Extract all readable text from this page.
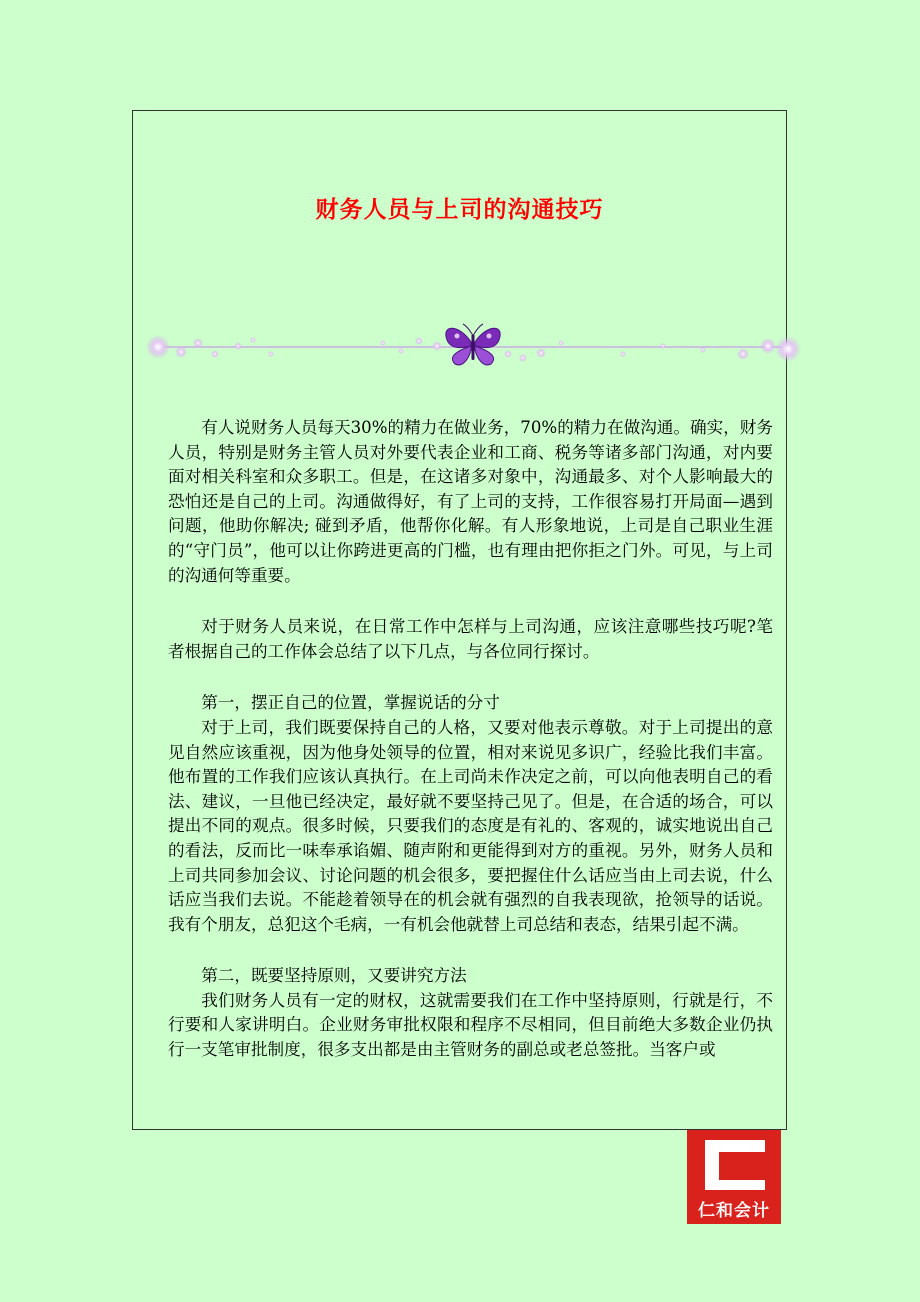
财务人员与上司的沟通技巧

有人说财务人员每天30%的精力在做业务，70%的精力在做沟通。确实，财务人员，特别是财务主管人员对外要代表企业和工商、税务等诸多部门沟通，对内要面对相关科室和众多职工。但是，在这诸多对象中，沟通最多、对个人影响最大的恐怕还是自己的上司。沟通做得好，有了上司的支持，工作很容易打开局面—遇到问题，他助你解决; 碰到矛盾，他帮你化解。有人形象地说，上司是自己职业生涯的“守门员”，他可以让你跨进更高的门槛，也有理由把你拒之门外。可见，与上司的沟通何等重要。

对于财务人员来说，在日常工作中怎样与上司沟通，应该注意哪些技巧呢?笔者根据自己的工作体会总结了以下几点，与各位同行探讨。

第一，摆正自己的位置，掌握说话的分寸

对于上司，我们既要保持自己的人格，又要对他表示尊敬。对于上司提出的意见自然应该重视，因为他身处领导的位置，相对来说见多识广，经验比我们丰富。他布置的工作我们应该认真执行。在上司尚未作决定之前，可以向他表明自己的看法、建议，一旦他已经决定，最好就不要坚持己见了。但是，在合适的场合，可以提出不同的观点。很多时候，只要我们的态度是有礼的、客观的，诚实地说出自己的看法，反而比一味奉承谄媚、随声附和更能得到对方的重视。另外，财务人员和上司共同参加会议、讨论问题的机会很多，要把握住什么话应当由上司去说，什么话应当我们去说。不能趁着领导在的机会就有强烈的自我表现欲，抢领导的话说。我有个朋友，总犯这个毛病，一有机会他就替上司总结和表态，结果引起不满。

第二，既要坚持原则，又要讲究方法

我们财务人员有一定的财权，这就需要我们在工作中坚持原则，行就是行，不行要和人家讲明白。企业财务审批权限和程序不尽相同，但目前绝大多数企业仍执行一支笔审批制度，很多支出都是由主管财务的副总或老总签批。当客户或

Renhe
仁和会计
